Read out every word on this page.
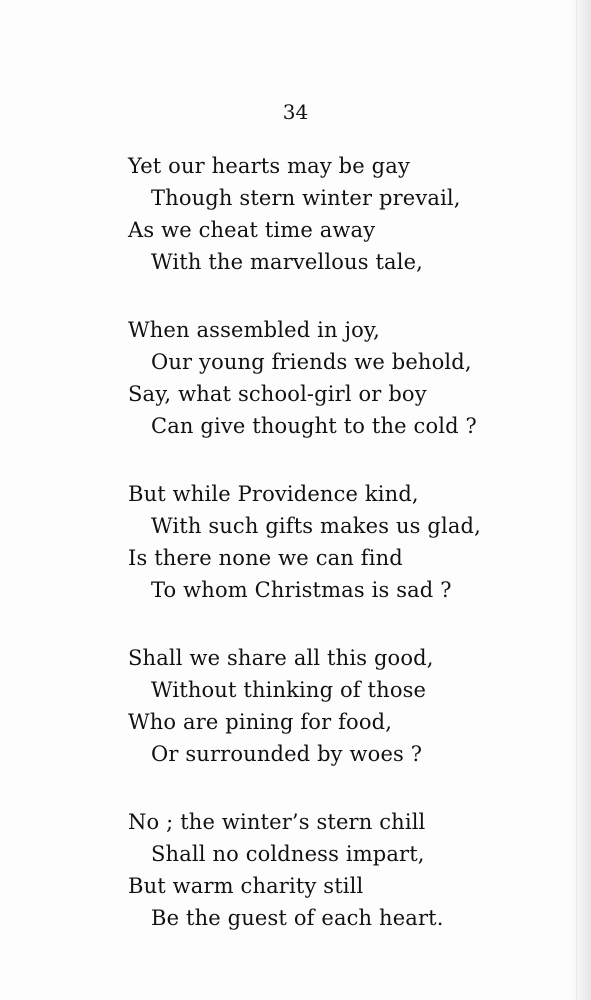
34

Yet our hearts may be gay

Though stern winter prevail,

As we cheat time away

With the marvellous tale,

When assembled in joy,

Our young friends we behold,

Say, what school-girl or boy

Can give thought to the cold ?

But while Providence kind,

With such gifts makes us glad,

Is there none we can find

To whom Christmas is sad ?

Shall we share all this good,

Without thinking of those

Who are pining for food,

Or surrounded by woes ?

No ; the winter’s stern chill

Shall no coldness impart,

But warm charity still

Be the guest of each heart.
